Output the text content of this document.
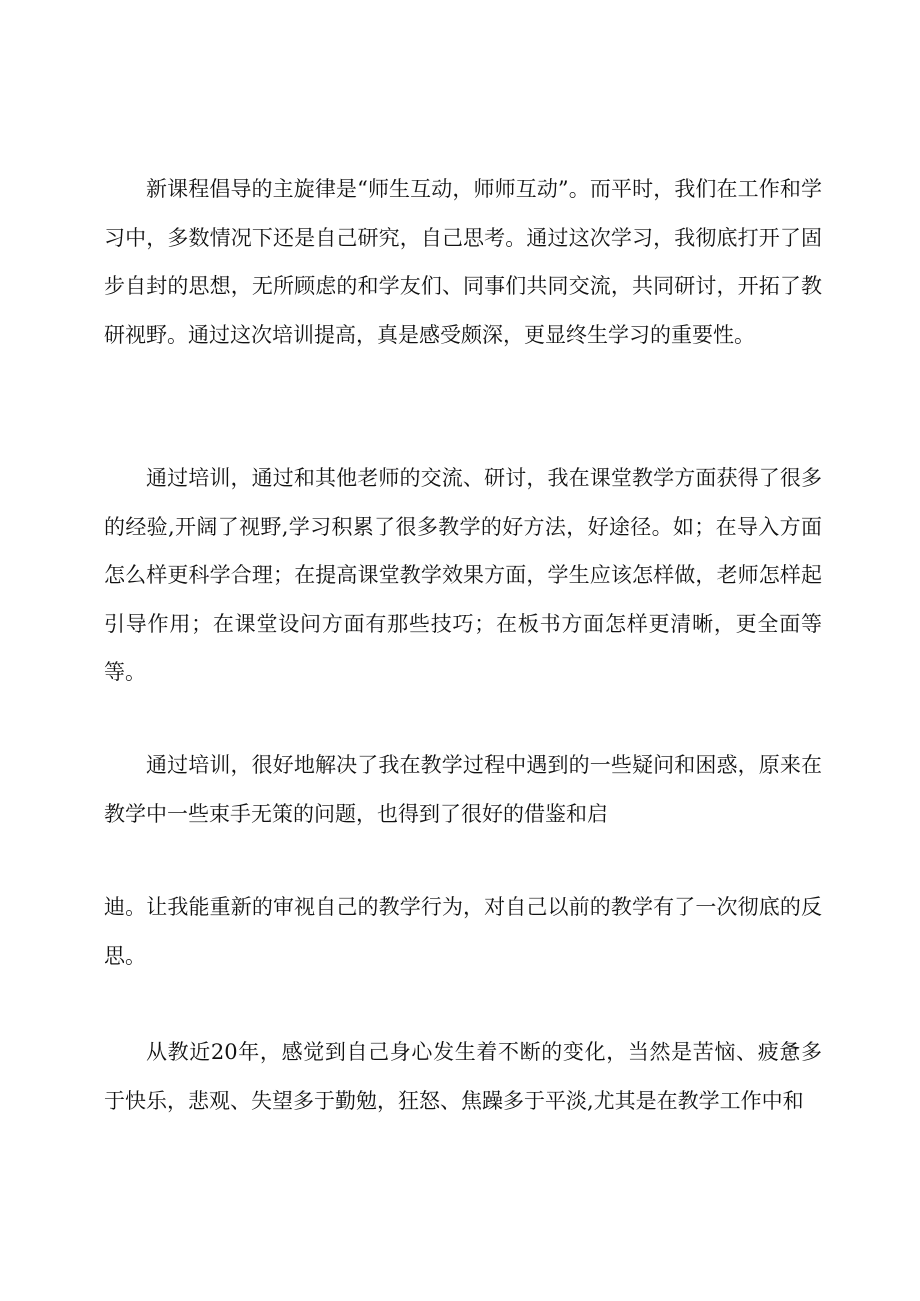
新课程倡导的主旋律是“师生互动，师师互动”。而平时，我们在工作和学习中，多数情况下还是自己研究，自己思考。通过这次学习，我彻底打开了固步自封的思想，无所顾虑的和学友们、同事们共同交流，共同研讨，开拓了教研视野。通过这次培训提高，真是感受颇深，更显终生学习的重要性。

通过培训，通过和其他老师的交流、研讨，我在课堂教学方面获得了很多的经验,开阔了视野,学习积累了很多教学的好方法，好途径。如；在导入方面怎么样更科学合理；在提高课堂教学效果方面，学生应该怎样做，老师怎样起引导作用；在课堂设问方面有那些技巧；在板书方面怎样更清晰，更全面等等。

通过培训，很好地解决了我在教学过程中遇到的一些疑问和困惑，原来在教学中一些束手无策的问题，也得到了很好的借鉴和启

迪。让我能重新的审视自己的教学行为，对自己以前的教学有了一次彻底的反思。

从教近20年，感觉到自己身心发生着不断的变化，当然是苦恼、疲惫多于快乐，悲观、失望多于勤勉，狂怒、焦躁多于平淡,尤其是在教学工作中和
